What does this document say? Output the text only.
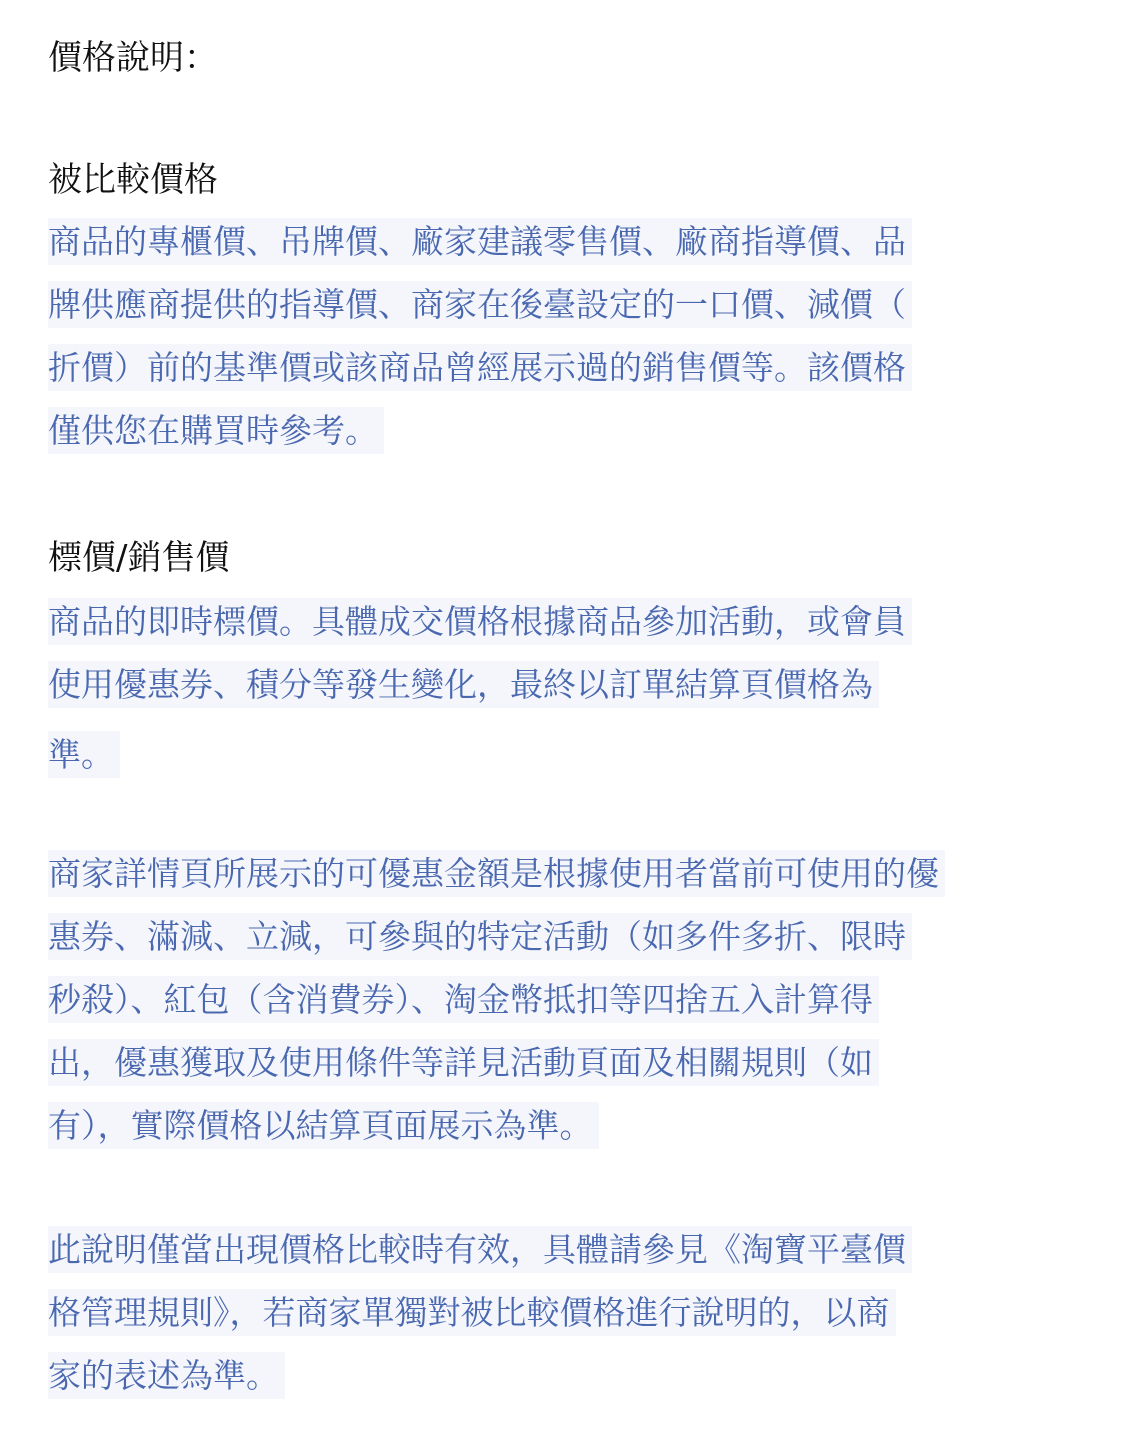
價格說明：
被比較價格
商品的專櫃價、吊牌價、廠家建議零售價、廠商指導價、品
牌供應商提供的指導價、商家在後臺設定的一口價、減價（
折價）前的基準價或該商品曾經展示過的銷售價等。該價格
僅供您在購買時參考。
標價/銷售價
商品的即時標價。具體成交價格根據商品參加活動，或會員
使用優惠券、積分等發生變化，最終以訂單結算頁價格為
準。
商家詳情頁所展示的可優惠金額是根據使用者當前可使用的優
惠券、滿減、立減，可參與的特定活動（如多件多折、限時
秒殺）、紅包（含消費券）、淘金幣抵扣等四捨五入計算得
出，優惠獲取及使用條件等詳見活動頁面及相關規則（如
有），實際價格以結算頁面展示為準。
此說明僅當出現價格比較時有效，具體請參見《淘寶平臺價
格管理規則》，若商家單獨對被比較價格進行說明的，以商
家的表述為準。
